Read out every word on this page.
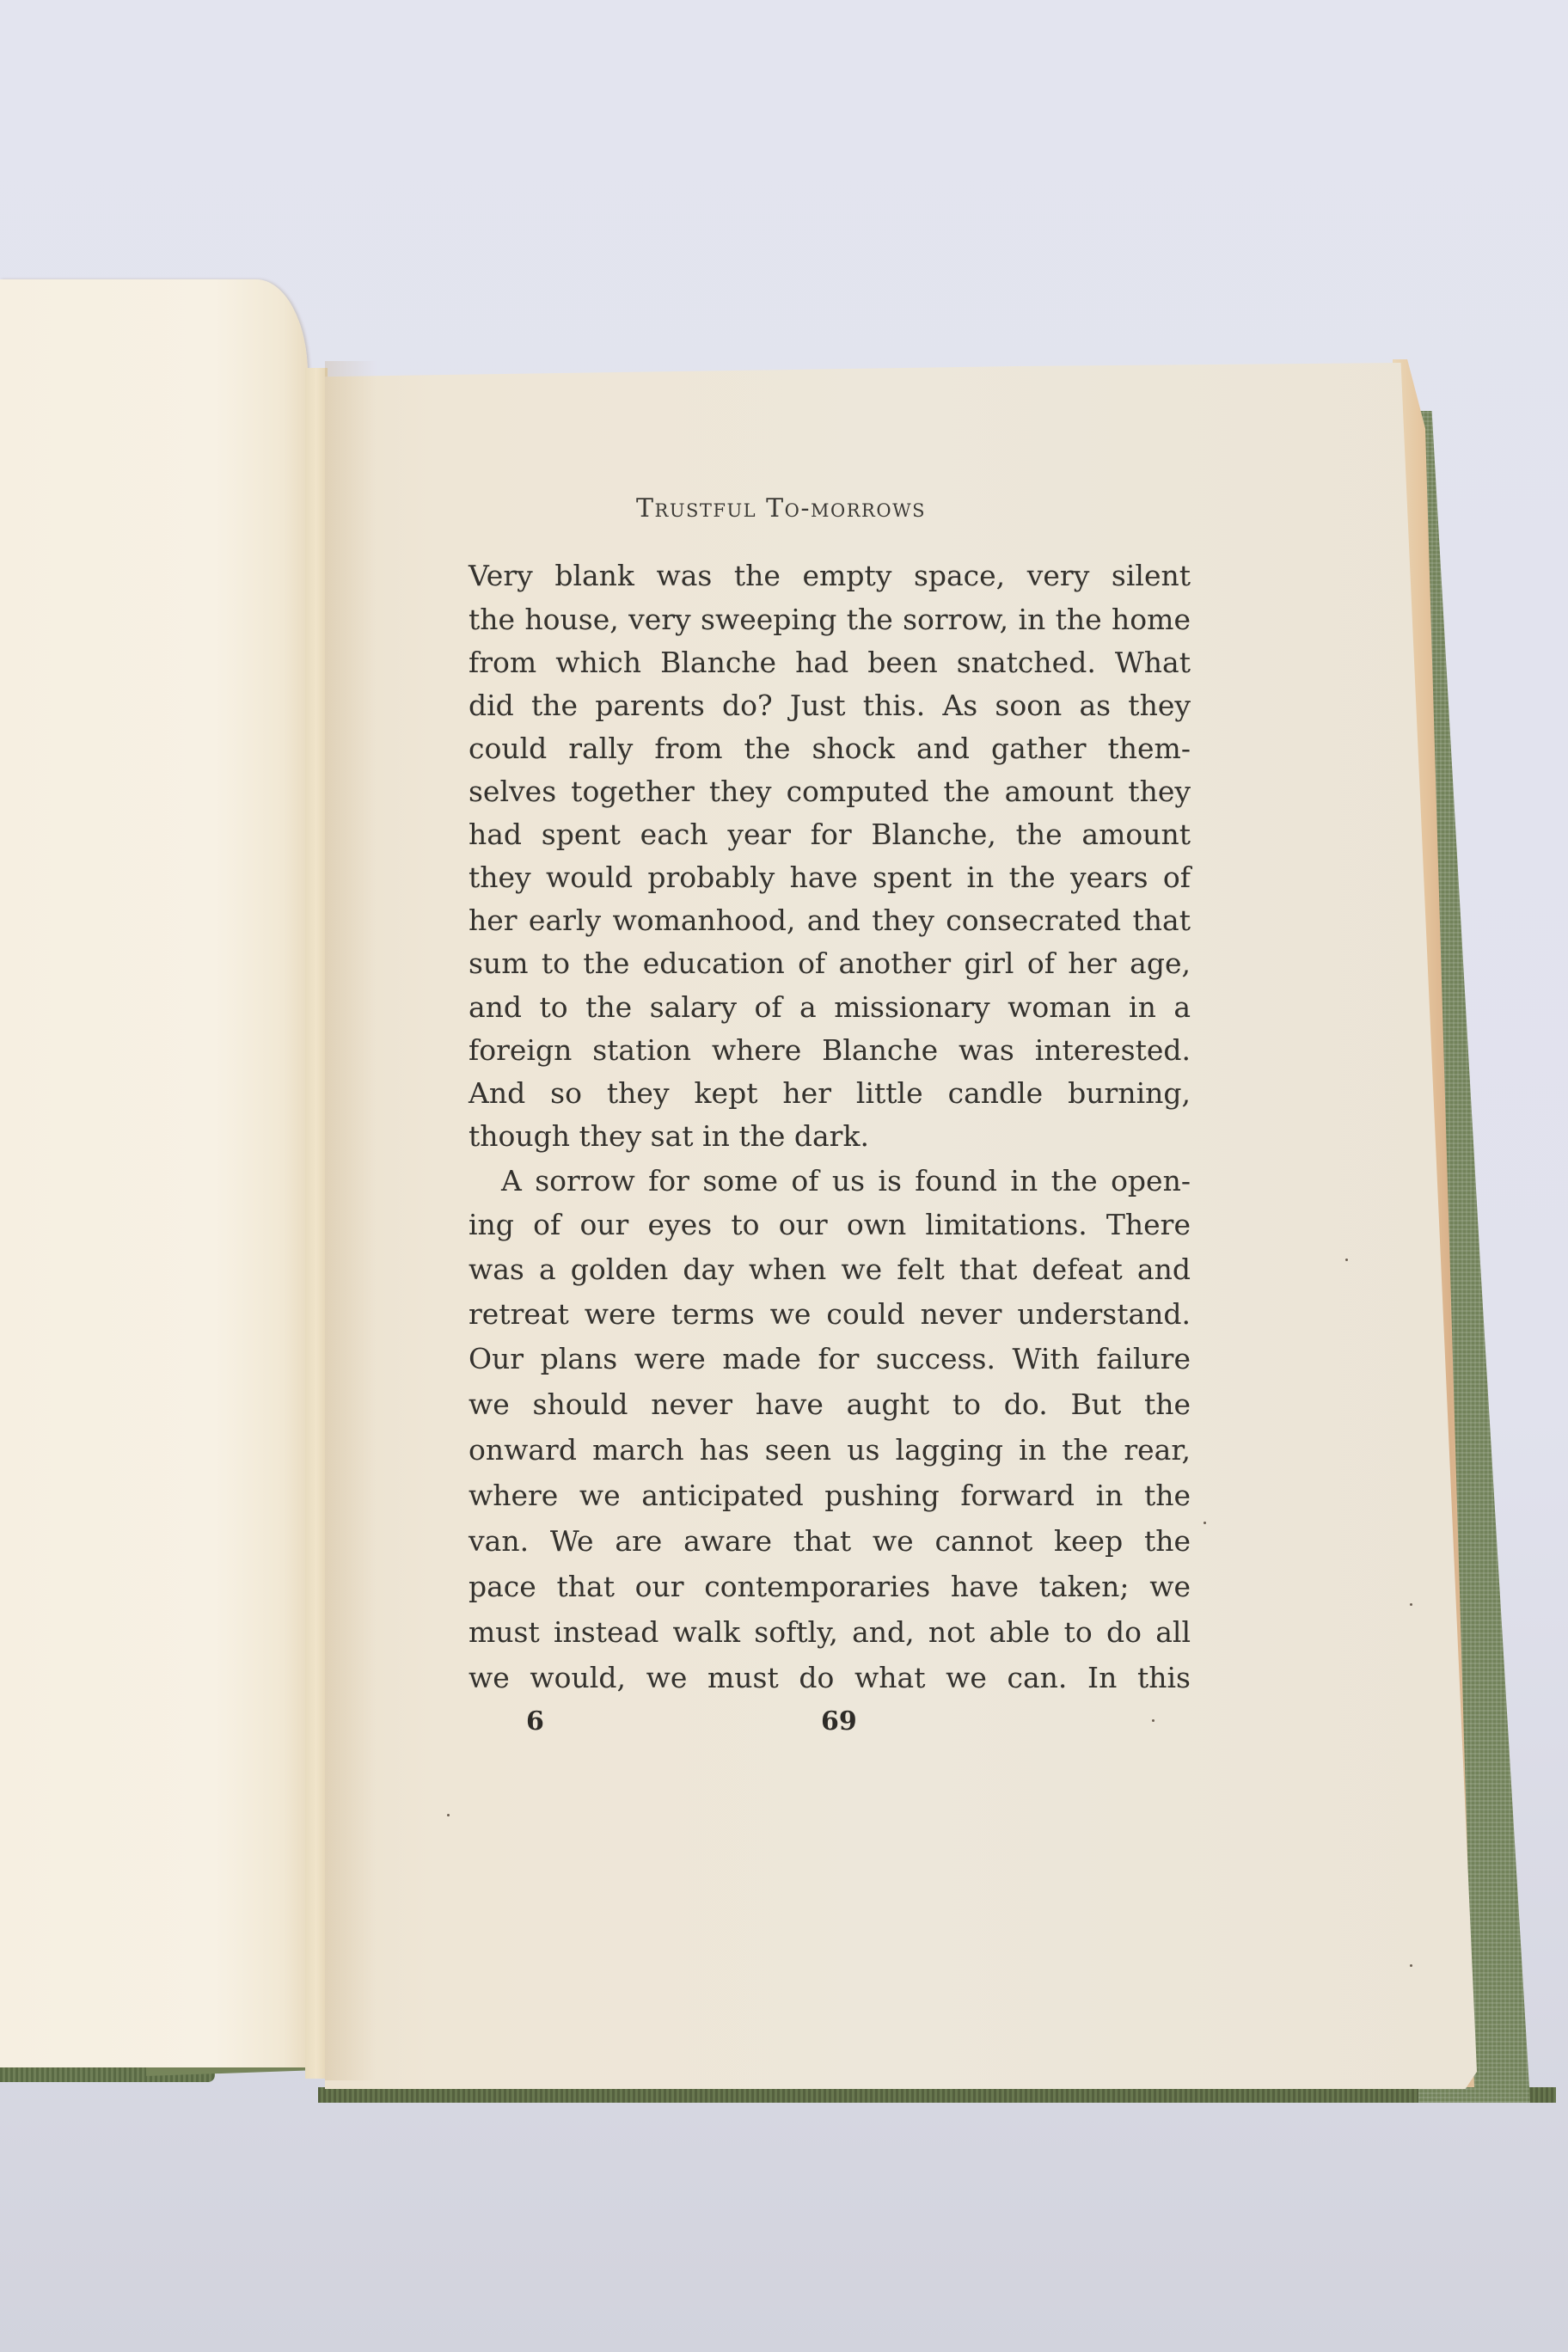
Trustful To-morrows
Very blank was the empty space, very silent
the house, very sweeping the sorrow, in the home
from which Blanche had been snatched. What
did the parents do? Just this. As soon as they
could rally from the shock and gather them-
selves together they computed the amount they
had spent each year for Blanche, the amount
they would probably have spent in the years of
her early womanhood, and they consecrated that
sum to the education of another girl of her age,
and to the salary of a missionary woman in a
foreign station where Blanche was interested.
And so they kept her little candle burning,
though they sat in the dark.
A sorrow for some of us is found in the open-
ing of our eyes to our own limitations. There
was a golden day when we felt that defeat and
retreat were terms we could never understand.
Our plans were made for success. With failure
we should never have aught to do. But the
onward march has seen us lagging in the rear,
where we anticipated pushing forward in the
van. We are aware that we cannot keep the
pace that our contemporaries have taken; we
must instead walk softly, and, not able to do all
we would, we must do what we can. In this
6	69
